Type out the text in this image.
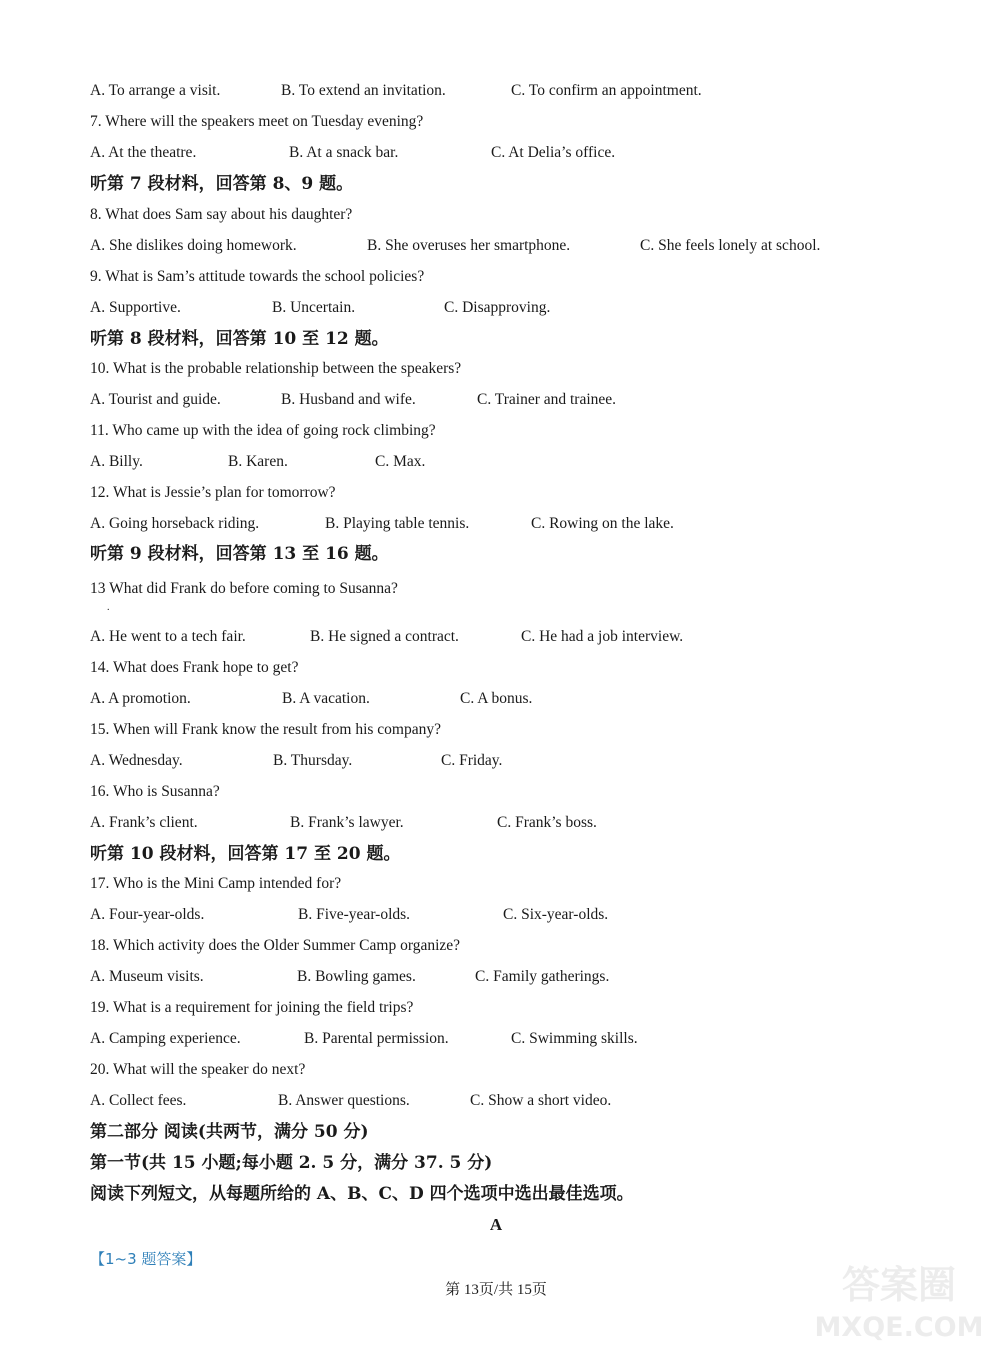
A. To arrange a visit.	B. To extend an invitation.	C. To confirm an appointment.
7. Where will the speakers meet on Tuesday evening?
A. At the theatre.	B. At a snack bar.	C. At Delia’s office.
听第 7 段材料，回答第 8、9 题。
8. What does Sam say about his daughter?
A. She dislikes doing homework.	B. She overuses her smartphone.	C. She feels lonely at school.
9. What is Sam’s attitude towards the school policies?
A. Supportive.	B. Uncertain.	C. Disapproving.
听第 8 段材料，回答第 10 至 12 题。
10. What is the probable relationship between the speakers?
A. Tourist and guide.	B. Husband and wife.	C. Trainer and trainee.
11. Who came up with the idea of going rock climbing?
A. Billy.	B. Karen.	C. Max.
12. What is Jessie’s plan for tomorrow?
A. Going horseback riding.	B. Playing table tennis.	C. Rowing on the lake.
听第 9 段材料，回答第 13 至 16 题。
13 What did Frank do before coming to Susanna?
A. He went to a tech fair.	B. He signed a contract.	C. He had a job interview.
14. What does Frank hope to get?
A. A promotion.	B. A vacation.	C. A bonus.
15. When will Frank know the result from his company?
A. Wednesday.	B. Thursday.	C. Friday.
16. Who is Susanna?
A. Frank’s client.	B. Frank’s lawyer.	C. Frank’s boss.
听第 10 段材料，回答第 17 至 20 题。
17. Who is the Mini Camp intended for?
A. Four-year-olds.	B. Five-year-olds.	C. Six-year-olds.
18. Which activity does the Older Summer Camp organize?
A. Museum visits.	B. Bowling games.	C. Family gatherings.
19. What is a requirement for joining the field trips?
A. Camping experience.	B. Parental permission.	C. Swimming skills.
20. What will the speaker do next?
A. Collect fees.	B. Answer questions.	C. Show a short video.
第二部分 阅读(共两节，满分 50 分)
第一节(共 15 小题;每小题 2. 5 分，满分 37. 5 分)
阅读下列短文，从每题所给的 A、B、C、D 四个选项中选出最佳选项。
.
A
【1~3 题答案】
第 13页/共 15页	答案圈
MXQE.COM
